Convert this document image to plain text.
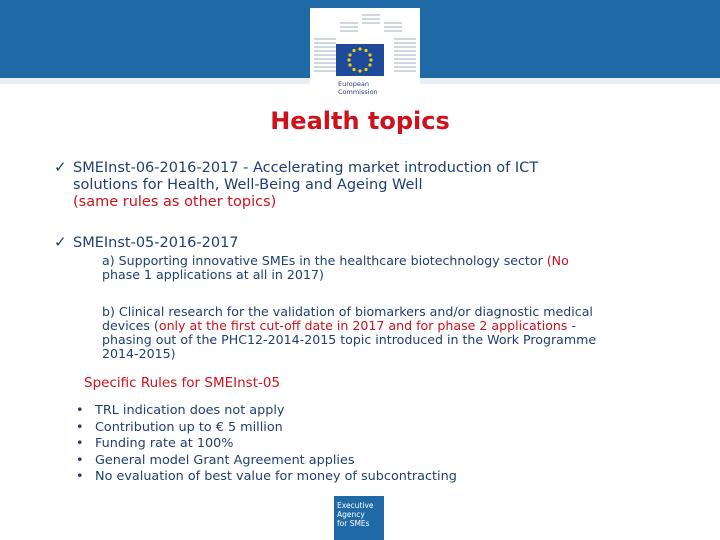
European
Commission
Health topics
✓ SMEInst-06-2016-2017 - Accelerating market introduction of ICT
solutions for Health, Well-Being and Ageing Well
(same rules as other topics)
✓ SMEInst-05-2016-2017
a) Supporting innovative SMEs in the healthcare biotechnology sector (No
phase 1 applications at all in 2017)
b) Clinical research for the validation of biomarkers and/or diagnostic medical
devices (only at the first cut-off date in 2017 and for phase 2 applications -
phasing out of the PHC12-2014-2015 topic introduced in the Work Programme
2014-2015)
Specific Rules for SMEInst-05
• TRL indication does not apply
• Contribution up to € 5 million
• Funding rate at 100%
• General model Grant Agreement applies
• No evaluation of best value for money of subcontracting
Executive
Agency
for SMEs
